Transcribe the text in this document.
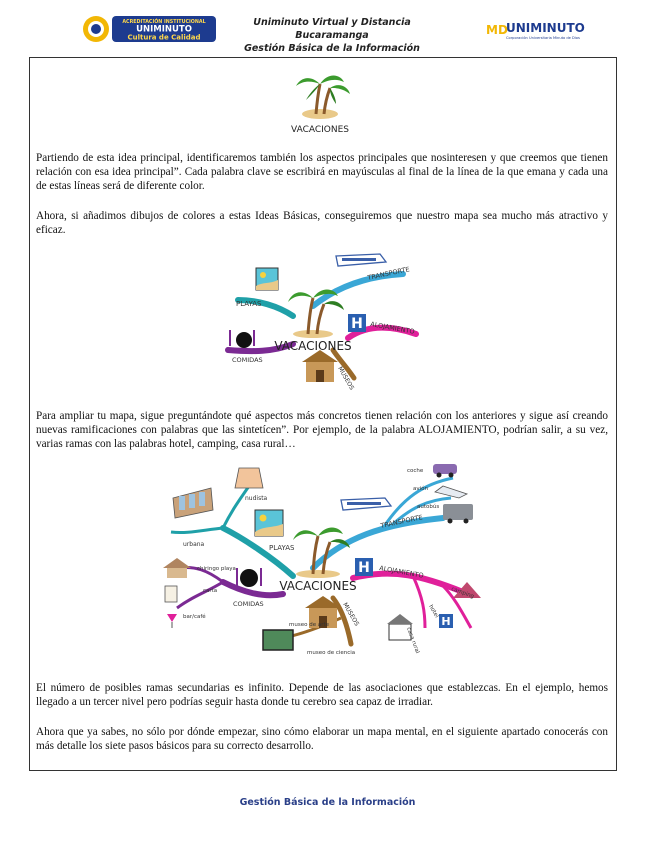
ACREDITACIÓN INSTITUCIONAL
UNIMINUTO
Cultura de Calidad
Uniminuto Virtual y Distancia Bucaramanga
Gestión Básica de la Información
MD
UNIMINUTO
Corporación Universitaria Minuto de Dios
VACACIONES
Partiendo de esta idea principal, identificaremos también los aspectos principales que nosinteresen y que creemos que tienen relación con esa idea principal”. Cada palabra clave se escribirá en mayúsculas al final de la línea de la que emana y cada una de estas líneas será de diferente color.
Ahora, si añadimos dibujos de colores a estas Ideas Básicas, conseguiremos que nuestro mapa sea mucho más atractivo y eficaz.
H
PLAYAS
TRANSPORTE
ALOJAMIENTO
COMIDAS
MUSEOS
VACACIONES
Para ampliar tu mapa, sigue preguntándote qué aspectos más concretos tienen relación con los anteriores y sigue así creando nuevas ramificaciones con palabras que las sintetícen”. Por ejemplo, de la palabra ALOJAMIENTO, podrían salir, a su vez, varias ramas con las palabras hotel, camping, casa rural…
H
H
PLAYAS
nudista
urbana
TRANSPORTE
coche
avión
autobús
ALOJAMIENTO
hotel
casa rural
camping
COMIDAS
chiringo playa
carta
bar/café	MUSEOS
museo de arte
museo de ciencia
VACACIONES
El número de posibles ramas secundarias es infinito. Depende de las asociaciones que establezcas. En el ejemplo, hemos llegado a un tercer nivel pero podrías seguir hasta donde tu cerebro sea capaz de irradiar.
Ahora que ya sabes, no sólo por dónde empezar, sino cómo elaborar un mapa mental, en el siguiente apartado conocerás con más detalle los siete pasos básicos para su correcto desarrollo.
Gestión Básica de la Información
